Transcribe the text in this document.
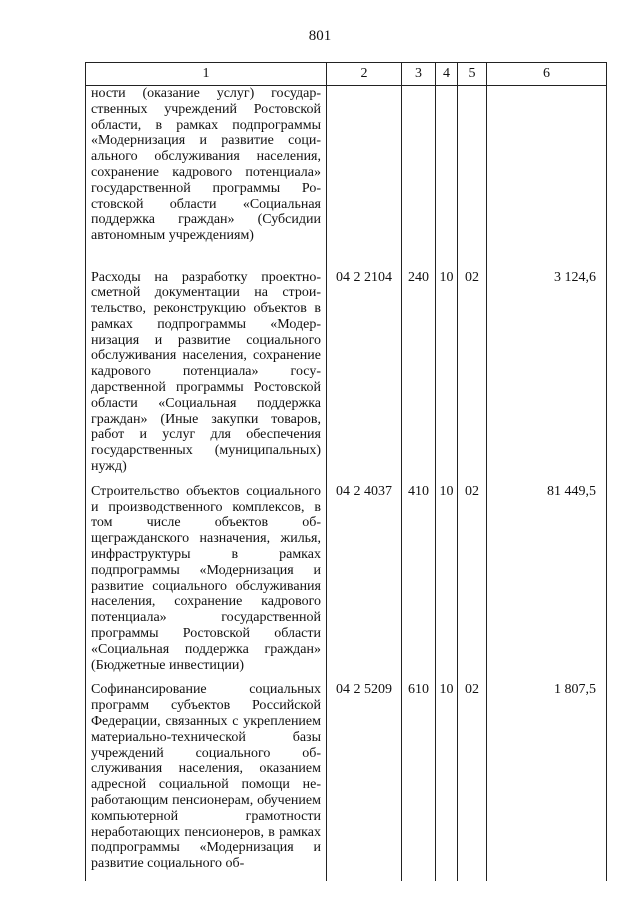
801
1	2	3	4	5	6
ности (оказание услуг) государственных учреждений Ростовской области, в рамках подпрограммы «Модернизация и развитие социального обслуживания населения, сохранение кадрового потенциала» государственной программы Ростовской области «Социальная поддержка граждан» (Субсидии автономным учреждениям)					
Расходы на разработку проектно-сметной документации на строительство, реконструкцию объектов в рамках подпрограммы «Модернизация и развитие социального обслуживания населения, сохранение кадрового потенциала» государственной программы Ростовской области «Социальная поддержка граждан» (Иные закупки товаров, работ и услуг для обеспечения государственных (муниципальных) нужд)	04 2 2104	240	10	02	3 124,6
Строительство объектов социального и производственного комплексов, в том числе объектов общегражданского назначения, жилья, инфраструктуры в рамках подпрограммы «Модернизация и развитие социального обслуживания населения, сохранение кадрового потенциала» государственной программы Ростовской области «Социальная поддержка граждан» (Бюджетные инвестиции)	04 2 4037	410	10	02	81 449,5
Софинансирование социальных программ субъектов Российской Федерации, связанных с укреплением материально-технической базы учреждений социального обслуживания населения, оказанием адресной социальной помощи неработающим пенсионерам, обучением компьютерной грамотности неработающих пенсионеров, в рамках подпрограммы «Модернизация и развитие социального об-	04 2 5209	610	10	02	1 807,5
